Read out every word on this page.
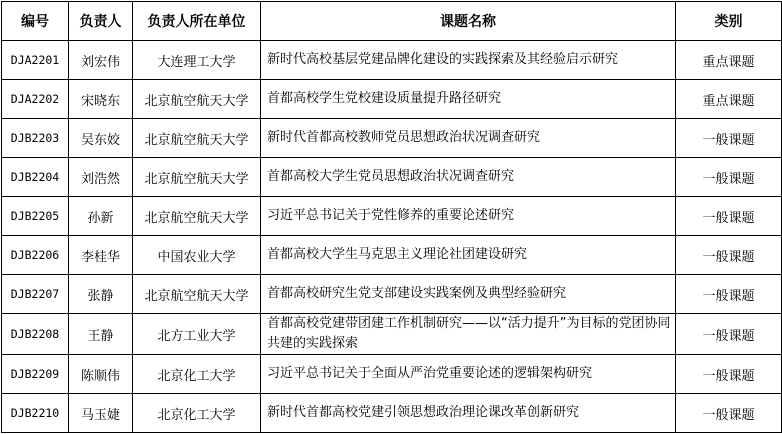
编号	负责人	负责人所在单位	课题名称	类别
DJA2201	刘宏伟	大连理工大学	新时代高校基层党建品牌化建设的实践探索及其经验启示研究	重点课题
DJA2202	宋晓东	北京航空航天大学	首都高校学生党校建设质量提升路径研究	重点课题
DJB2203	吴东姣	北京航空航天大学	新时代首都高校教师党员思想政治状况调查研究	一般课题
DJB2204	刘浩然	北京航空航天大学	首都高校大学生党员思想政治状况调查研究	一般课题
DJB2205	孙新	北京航空航天大学	习近平总书记关于党性修养的重要论述研究	一般课题
DJB2206	李桂华	中国农业大学	首都高校大学生马克思主义理论社团建设研究	一般课题
DJB2207	张静	北京航空航天大学	首都高校研究生党支部建设实践案例及典型经验研究	一般课题
DJB2208	王静	北方工业大学	首都高校党建带团建工作机制研究——以“活力提升”为目标的党团协同共建的实践探索	一般课题
DJB2209	陈顺伟	北京化工大学	习近平总书记关于全面从严治党重要论述的逻辑架构研究	一般课题
DJB2210	马玉婕	北京化工大学	新时代首都高校党建引领思想政治理论课改革创新研究	一般课题
